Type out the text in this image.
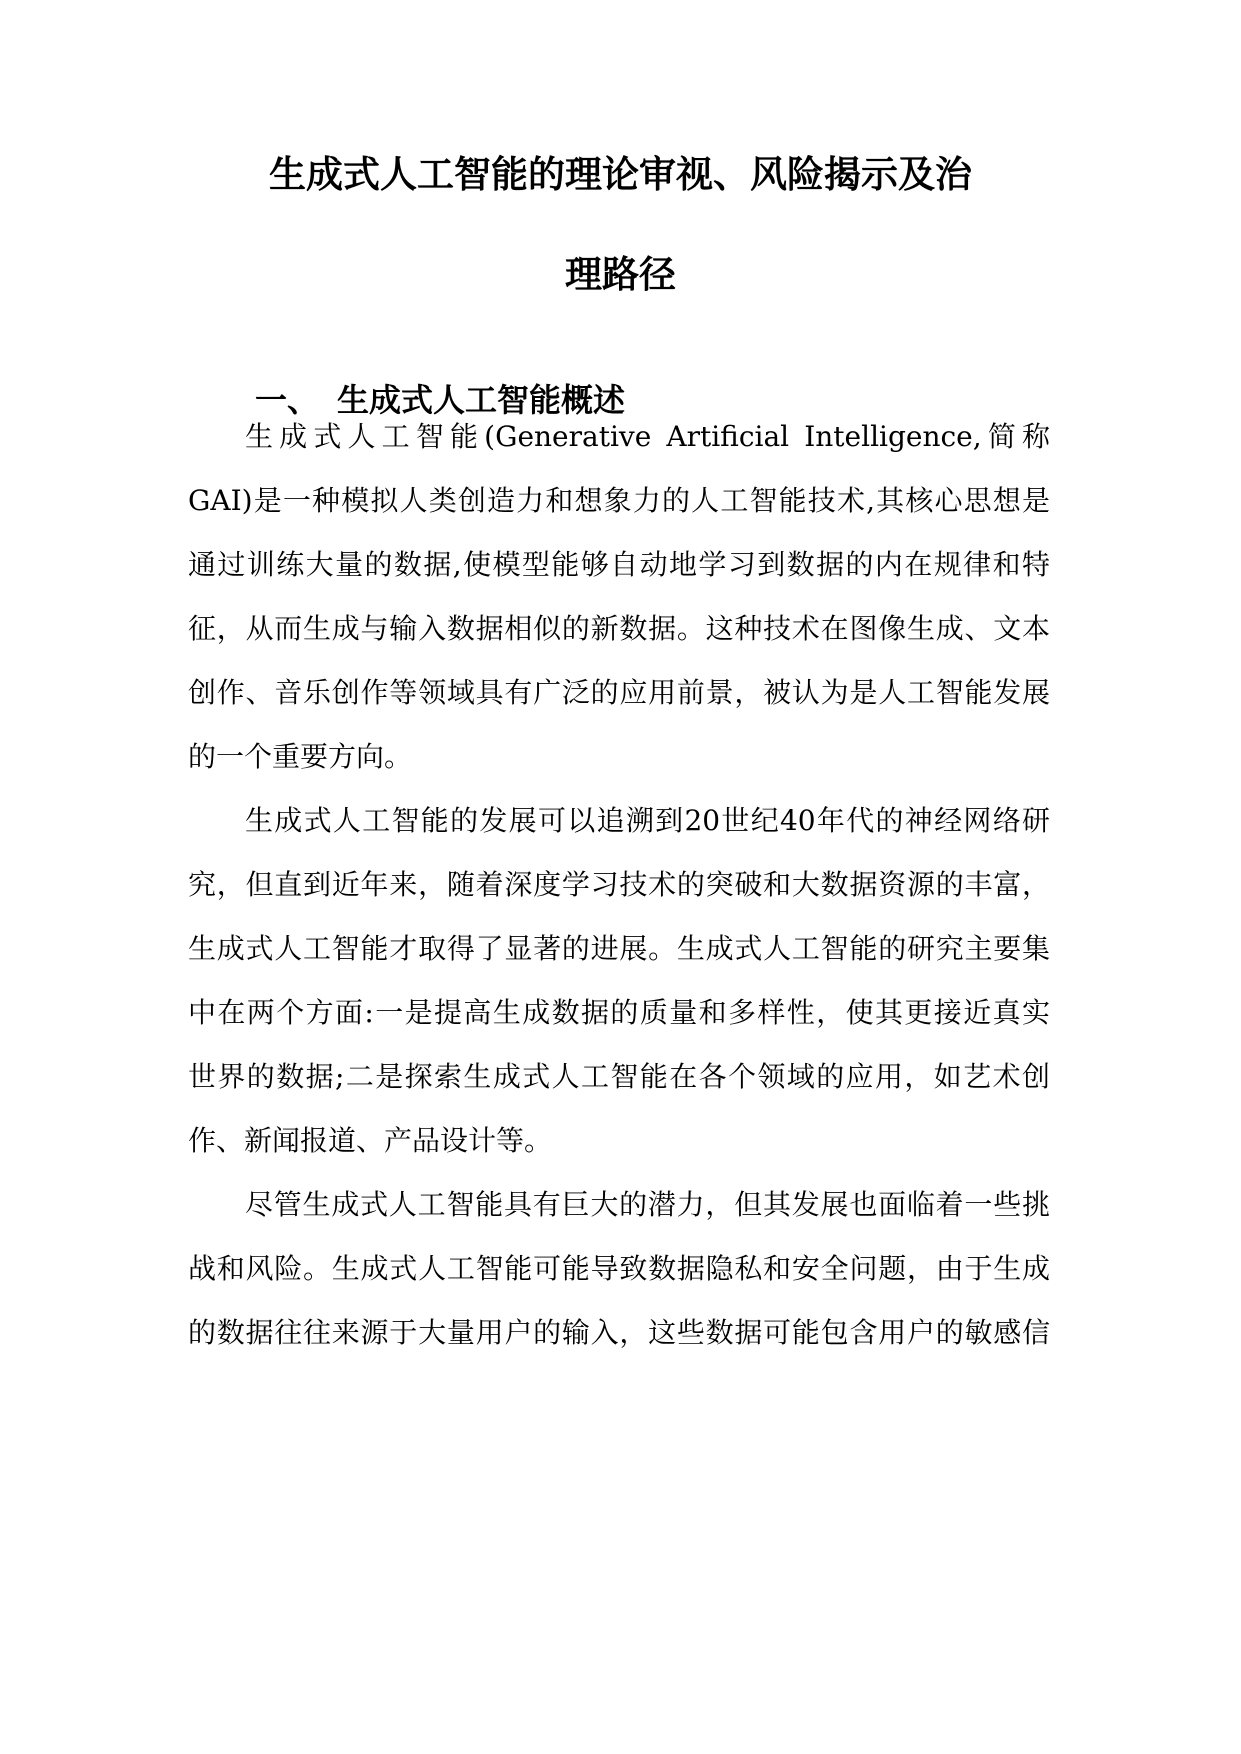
生成式人工智能的理论审视、风险揭示及治
理路径
一、 生成式人工智能概述

生成式人工智能(Generative Artificial Intelligence,简称

GAI)是一种模拟人类创造力和想象力的人工智能技术,其核心思想是

通过训练大量的数据,使模型能够自动地学习到数据的内在规律和特

征，从而生成与输入数据相似的新数据。这种技术在图像生成、文本

创作、音乐创作等领域具有广泛的应用前景，被认为是人工智能发展

的一个重要方向。

生成式人工智能的发展可以追溯到20世纪40年代的神经网络研

究，但直到近年来，随着深度学习技术的突破和大数据资源的丰富，

生成式人工智能才取得了显著的进展。生成式人工智能的研究主要集

中在两个方面:一是提高生成数据的质量和多样性，使其更接近真实

世界的数据;二是探索生成式人工智能在各个领域的应用，如艺术创

作、新闻报道、产品设计等。

尽管生成式人工智能具有巨大的潜力，但其发展也面临着一些挑

战和风险。生成式人工智能可能导致数据隐私和安全问题，由于生成

的数据往往来源于大量用户的输入，这些数据可能包含用户的敏感信
